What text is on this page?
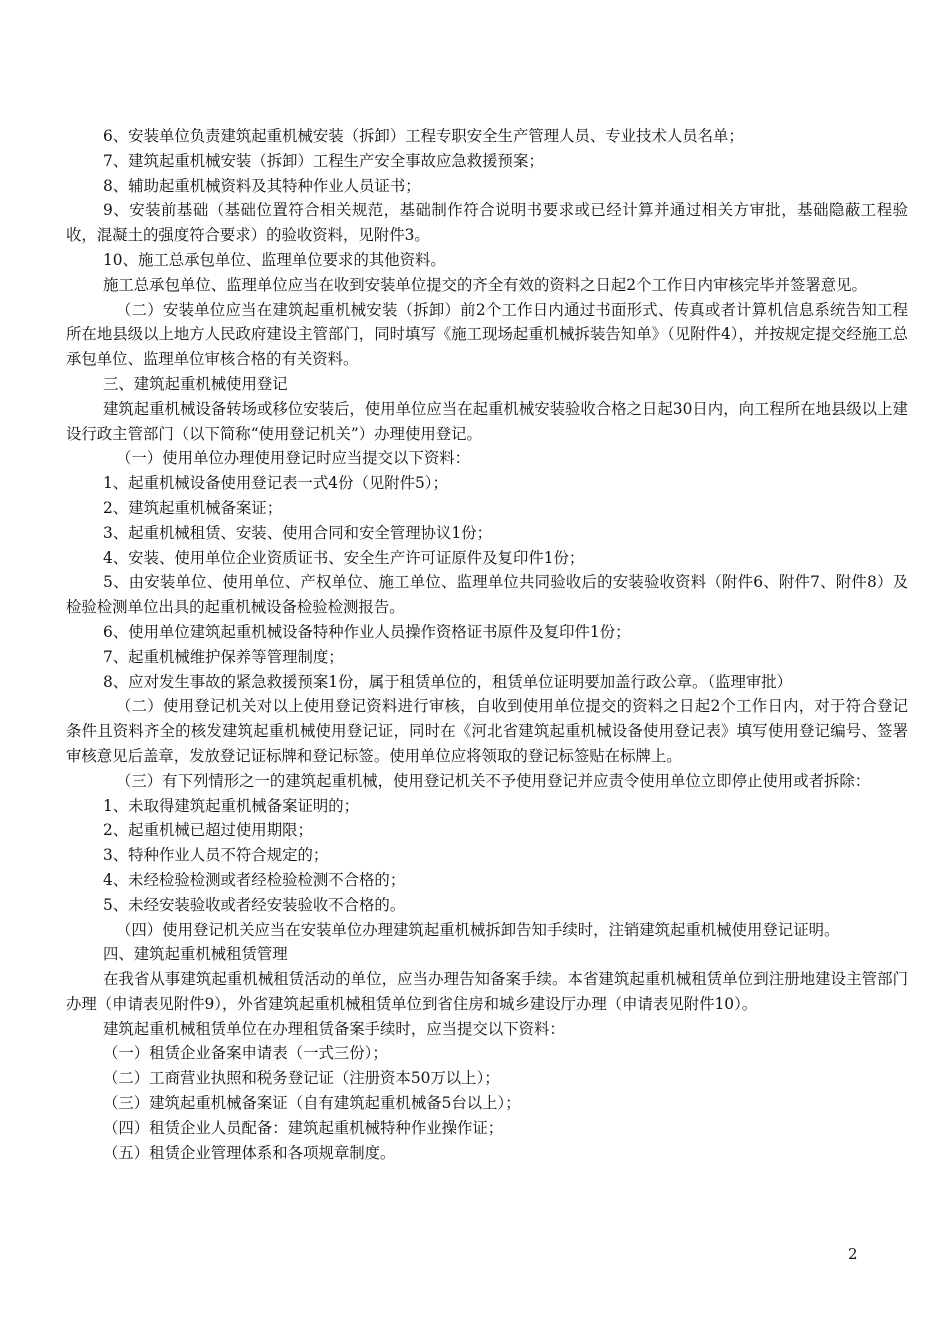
6、安装单位负责建筑起重机械安装（拆卸）工程专职安全生产管理人员、专业技术人员名单；

7、建筑起重机械安装（拆卸）工程生产安全事故应急救援预案；

8、辅助起重机械资料及其特种作业人员证书；

9、安装前基础（基础位置符合相关规范，基础制作符合说明书要求或已经计算并通过相关方审批，基础隐蔽工程验收，混凝土的强度符合要求）的验收资料，见附件3。

10、施工总承包单位、监理单位要求的其他资料。

施工总承包单位、监理单位应当在收到安装单位提交的齐全有效的资料之日起2个工作日内审核完毕并签署意见。

（二）安装单位应当在建筑起重机械安装（拆卸）前2个工作日内通过书面形式、传真或者计算机信息系统告知工程所在地县级以上地方人民政府建设主管部门，同时填写《施工现场起重机械拆装告知单》（见附件4），并按规定提交经施工总承包单位、监理单位审核合格的有关资料。

三、建筑起重机械使用登记

建筑起重机械设备转场或移位安装后，使用单位应当在起重机械安装验收合格之日起30日内，向工程所在地县级以上建设行政主管部门（以下简称“使用登记机关”）办理使用登记。

（一）使用单位办理使用登记时应当提交以下资料：

1、起重机械设备使用登记表一式4份（见附件5）；

2、建筑起重机械备案证；

3、起重机械租赁、安装、使用合同和安全管理协议1份；

4、安装、使用单位企业资质证书、安全生产许可证原件及复印件1份；

5、由安装单位、使用单位、产权单位、施工单位、监理单位共同验收后的安装验收资料（附件6、附件7、附件8）及检验检测单位出具的起重机械设备检验检测报告。

6、使用单位建筑起重机械设备特种作业人员操作资格证书原件及复印件1份；

7、起重机械维护保养等管理制度；

8、应对发生事故的紧急救援预案1份，属于租赁单位的，租赁单位证明要加盖行政公章。（监理审批）

（二）使用登记机关对以上使用登记资料进行审核，自收到使用单位提交的资料之日起2个工作日内，对于符合登记条件且资料齐全的核发建筑起重机械使用登记证，同时在《河北省建筑起重机械设备使用登记表》填写使用登记编号、签署审核意见后盖章，发放登记证标牌和登记标签。使用单位应将领取的登记标签贴在标牌上。

（三）有下列情形之一的建筑起重机械，使用登记机关不予使用登记并应责令使用单位立即停止使用或者拆除：

1、未取得建筑起重机械备案证明的；

2、起重机械已超过使用期限；

3、特种作业人员不符合规定的；

4、未经检验检测或者经检验检测不合格的；

5、未经安装验收或者经安装验收不合格的。

（四）使用登记机关应当在安装单位办理建筑起重机械拆卸告知手续时，注销建筑起重机械使用登记证明。

四、建筑起重机械租赁管理

在我省从事建筑起重机械租赁活动的单位，应当办理告知备案手续。本省建筑起重机械租赁单位到注册地建设主管部门办理（申请表见附件9），外省建筑起重机械租赁单位到省住房和城乡建设厅办理（申请表见附件10）。

建筑起重机械租赁单位在办理租赁备案手续时，应当提交以下资料：

（一）租赁企业备案申请表（一式三份）；

（二）工商营业执照和税务登记证（注册资本50万以上）；

（三）建筑起重机械备案证（自有建筑起重机械备5台以上）；

（四）租赁企业人员配备：建筑起重机械特种作业操作证；

（五）租赁企业管理体系和各项规章制度。

2
